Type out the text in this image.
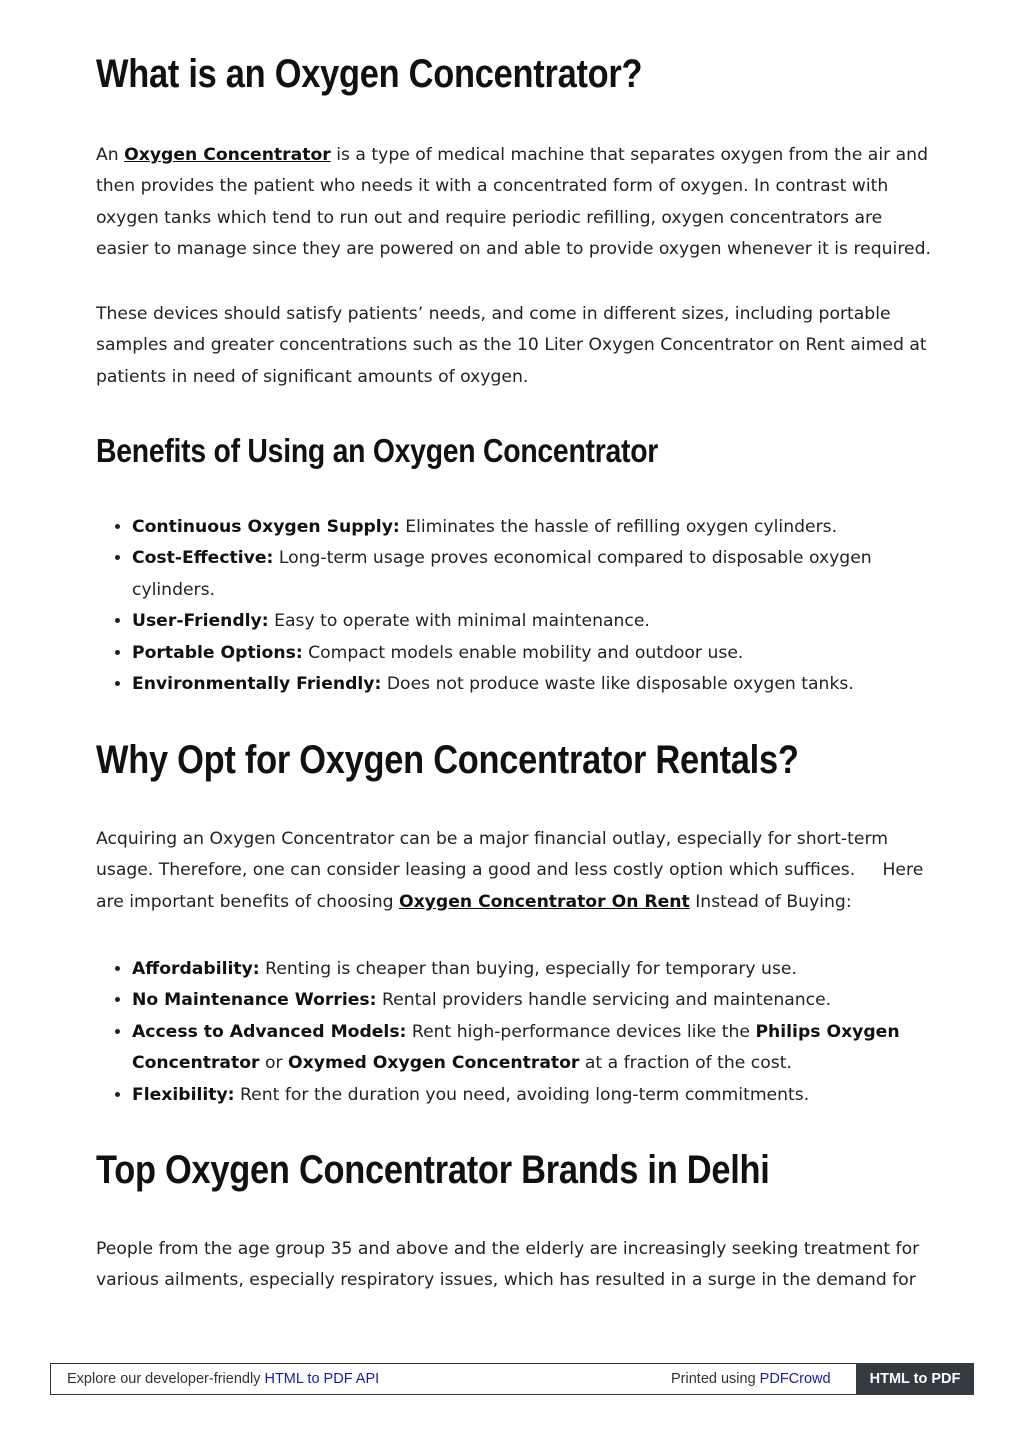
What is an Oxygen Concentrator?

An Oxygen Concentrator is a type of medical machine that separates oxygen from the air and then provides the patient who needs it with a concentrated form of oxygen. In contrast with oxygen tanks which tend to run out and require periodic refilling, oxygen concentrators are easier to manage since they are powered on and able to provide oxygen whenever it is required.

These devices should satisfy patients’ needs, and come in different sizes, including portable samples and greater concentrations such as the 10 Liter Oxygen Concentrator on Rent aimed at patients in need of significant amounts of oxygen.

Benefits of Using an Oxygen Concentrator
• Continuous Oxygen Supply: Eliminates the hassle of refilling oxygen cylinders.
• Cost-Effective: Long-term usage proves economical compared to disposable oxygen cylinders.
• User-Friendly: Easy to operate with minimal maintenance.
• Portable Options: Compact models enable mobility and outdoor use.
• Environmentally Friendly: Does not produce waste like disposable oxygen tanks.
Why Opt for Oxygen Concentrator Rentals?

Acquiring an Oxygen Concentrator can be a major financial outlay, especially for short-term usage. Therefore, one can consider leasing a good and less costly option which suffices.     Here are important benefits of choosing Oxygen Concentrator On Rent Instead of Buying:

• Affordability: Renting is cheaper than buying, especially for temporary use.
• No Maintenance Worries: Rental providers handle servicing and maintenance.
• Access to Advanced Models: Rent high-performance devices like the Philips Oxygen Concentrator or Oxymed Oxygen Concentrator at a fraction of the cost.
• Flexibility: Rent for the duration you need, avoiding long-term commitments.
Top Oxygen Concentrator Brands in Delhi

People from the age group 35 and above and the elderly are increasingly seeking treatment for various ailments, especially respiratory issues, which has resulted in a surge in the demand for

Explore our developer-friendly HTML to PDF API	Printed using PDFCrowd	HTML to PDF
